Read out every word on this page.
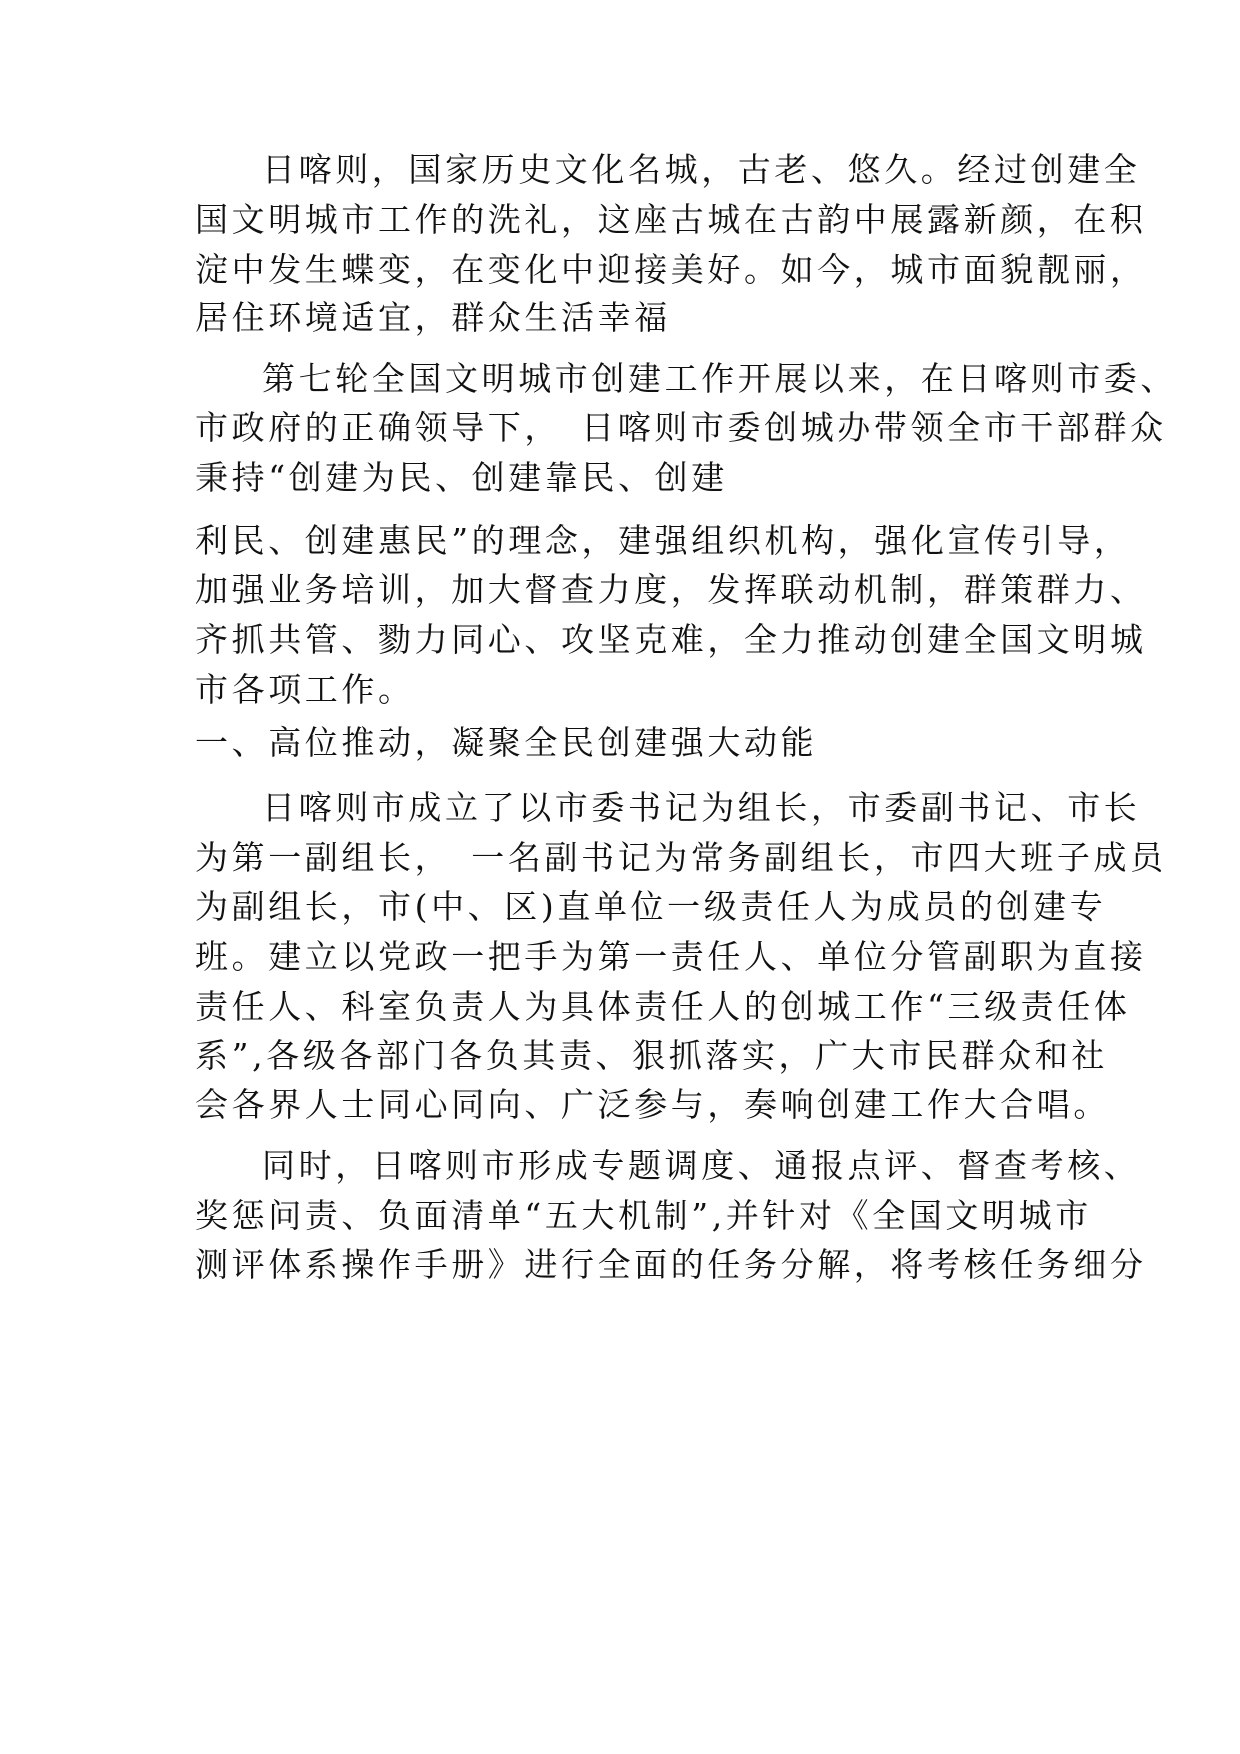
日喀则，国家历史文化名城，古老、悠久。经过创建全
国文明城市工作的洗礼，这座古城在古韵中展露新颜，在积
淀中发生蝶变，在变化中迎接美好。如今，城市面貌靓丽，
居住环境适宜，群众生活幸福
第七轮全国文明城市创建工作开展以来，在日喀则市委、
市政府的正确领导下，　日喀则市委创城办带领全市干部群众
秉持“创建为民、创建靠民、创建
利民、创建惠民”的理念，建强组织机构，强化宣传引导，
加强业务培训，加大督查力度，发挥联动机制，群策群力、
齐抓共管、勠力同心、攻坚克难，全力推动创建全国文明城
市各项工作。
一、高位推动，凝聚全民创建强大动能
日喀则市成立了以市委书记为组长，市委副书记、市长
为第一副组长，　一名副书记为常务副组长，市四大班子成员
为副组长，市(中、区)直单位一级责任人为成员的创建专
班。建立以党政一把手为第一责任人、单位分管副职为直接
责任人、科室负责人为具体责任人的创城工作“三级责任体
系”,各级各部门各负其责、狠抓落实，广大市民群众和社
会各界人士同心同向、广泛参与，奏响创建工作大合唱。
同时，日喀则市形成专题调度、通报点评、督查考核、
奖惩问责、负面清单“五大机制”,并针对《全国文明城市
测评体系操作手册》进行全面的任务分解，将考核任务细分
